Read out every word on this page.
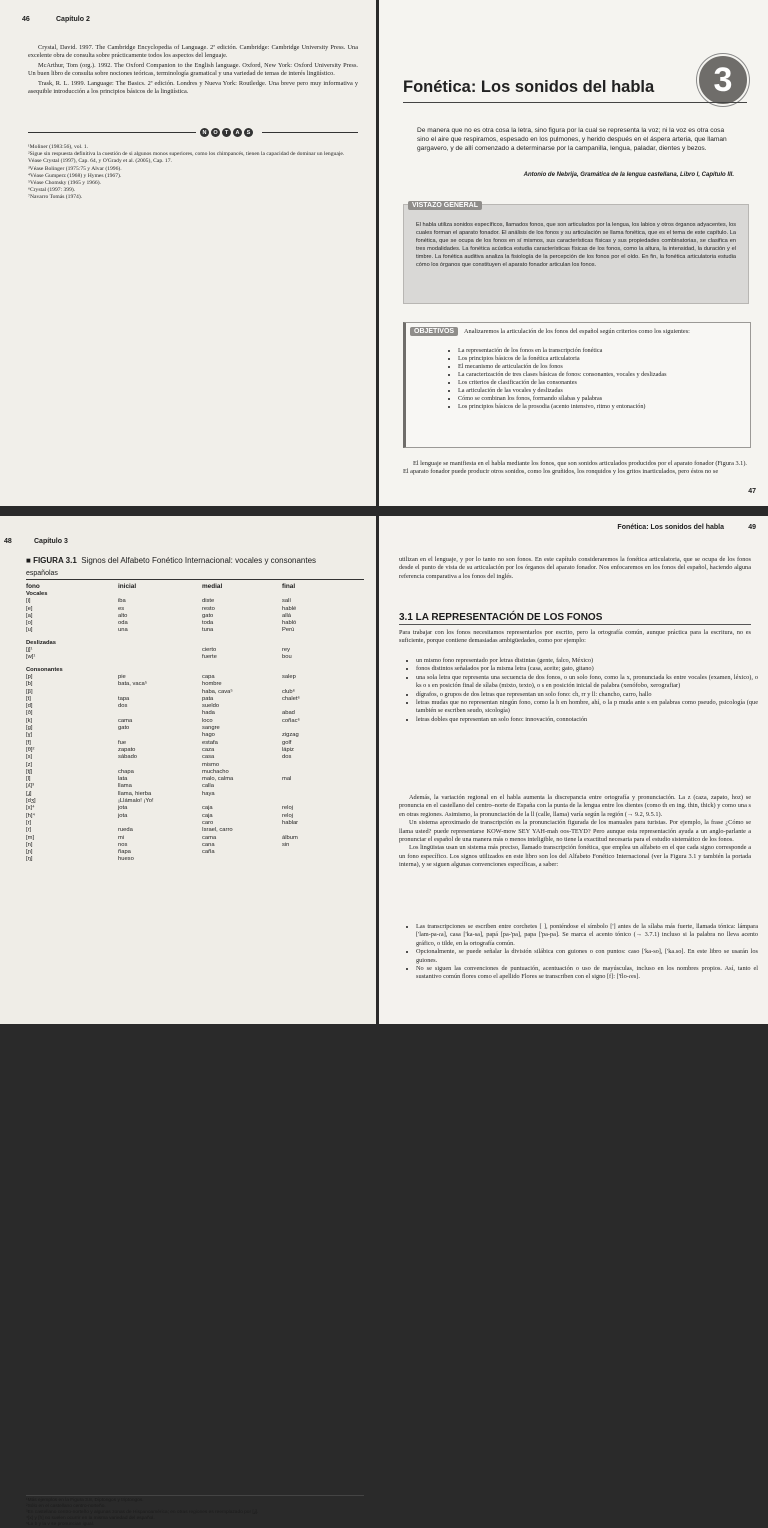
46	Capítulo 2

Crystal, David. 1997. The Cambridge Encyclopedia of Language. 2ª edición. Cambridge: Cambridge University Press. Una excelente obra de consulta sobre prácticamente todos los aspectos del lenguaje.

McArthur, Tom (org.). 1992. The Oxford Companion to the English language. Oxford, New York: Oxford University Press. Un buen libro de consulta sobre nociones teóricas, terminología gramatical y una variedad de temas de interés lingüístico.

Trask, R. L. 1999. Language: The Basics. 2ª edición. Londres y Nueva York: Routledge. Una breve pero muy informativa y asequible introducción a los principios básicos de la lingüística.

N	O	T	A	S

¹Moliner (1983:56), vol. 1.

²Sigue sin respuesta definitiva la cuestión de si algunos monos superiores, como los chimpancés, tienen la capacidad de dominar un lenguaje. Véase Crystal (1997), Cap. 64, y O'Grady et al. (2005), Cap. 17.

³Véase Bolinger (1975:75 y Alvar (1996).

⁴Véase Gumperz (1968) y Hymes (1967).

⁵Véase Chomsky (1965 y 1966).

⁶Crystal (1997: 399).

⁷Navarro Tomás (1974).

3
Fonética: Los sonidos del habla
De manera que no es otra cosa la letra, sino figura por la cual se representa la voz; ni la voz es otra cosa sino el aire que respiramos, espesado en los pulmones, y herido después en el áspera arteria, que llaman gargavero, y de allí comenzado a determinarse por la campanilla, lengua, paladar, dientes y bezos.
Antonio de Nebrija, Gramática de la lengua castellana, Libro I, Capítulo III.
VISTAZO GENERAL
El habla utiliza sonidos específicos, llamados fonos, que son articulados por la lengua, los labios y otros órganos adyacentes, los cuales forman el aparato fonador. El análisis de los fonos y su articulación se llama fonética, que es el tema de este capítulo. La fonética, que se ocupa de los fonos en sí mismos, sus características físicas y sus propiedades combinatorias, se clasifica en tres modalidades. La fonética acústica estudia características físicas de los fonos, como la altura, la intensidad, la duración y el timbre. La fonética auditiva analiza la fisiología de la percepción de los fonos por el oído. En fin, la fonética articulatoria estudia cómo los órganos que constituyen el aparato fonador articulan los fonos.
OBJETIVOS	Analizaremos la articulación de los fonos del español según criterios como los siguientes:
• La representación de los fonos en la transcripción fonética
• Los principios básicos de la fonética articulatoria
• El mecanismo de articulación de los fonos
• La caracterización de tres clases básicas de fonos: consonantes, vocales y deslizadas
• Los criterios de clasificación de las consonantes
• La articulación de las vocales y deslizadas
• Cómo se combinan los fonos, formando sílabas y palabras
• Los principios básicos de la prosodia (acento intensivo, ritmo y entonación)

El lenguaje se manifiesta en el habla mediante los fonos, que son sonidos articulados producidos por el aparato fonador (Figura 3.1). El aparato fonador puede producir otros sonidos, como los gruñidos, los ronquidos y los gritos inarticulados, pero éstos no se

47
48	Capítulo 3
■ FIGURA 3.1 Signos del Alfabeto Fonético Internacional: vocales y consonantes
españolas
fono	inicial	medial	final
Vocales			
[i]	iba	diste	salí
[e]	es	resto	hablé
[a]	alto	gato	allá
[o]	oda	toda	habló
[u]	una	tuna	Perú
Deslizadas			
[j]¹		cierto	rey
[w]¹		fuerte	bou
Consonantes			
[p]	pie	capa	salep
[b]	bata, vaca⁵	hombre	
[β]		haba, cava⁵	club⁶
[t]	tapa	pata	chalet⁶
[d]	dos	sueldo	
[ð]		hada	abad
[k]	cama	loco	coñac⁶
[g]	gato	sangre	
[ɣ]		hago	zigzag
[f]	fue	estafa	golf
[θ]²	zapato	caza	lápiz
[s]	sábado	casa	dos
[z]		mismo	
[tʃ]	chapa	muchacho	
[l]	lata	malo, calma	mal
[ʎ]³	llama	calla	
[ʝ]	llama, hierba	haya	
[dʒ]	¡Llámalo! ¡Yo!		
[x]⁴	jota	caja	reloj
[h]⁴	jota	caja	reloj
[r]		caro	hablar
[ɾ]	rueda	Israel, carro	
[m]	mi	cama	álbum
[n]	nos	cana	sin
[ɲ]	ñapa	caña	
[ŋ]	hueso		
¹Más ejemplos en la Figura 3.8, Diptongos y triptongos.
²Sólo en el castellano centro-norteño.
³En castellano centro-norteño y algunas zonas de Hispanoamérica; en otras regiones es reemplazado por [ʝ].
⁴[x] y [h] no suelen ocurrir en la misma variedad del español.
⁵La b y la v se pronuncian igual.
Fonética: Los sonidos del habla	49

utilizan en el lenguaje, y por lo tanto no son fonos. En este capítulo consideraremos la fonética articulatoria, que se ocupa de los fonos desde el punto de vista de su articulación por los órganos del aparato fonador. Nos enfocaremos en los fonos del español, haciendo alguna referencia comparativa a los fonos del inglés.

3.1 LA REPRESENTACIÓN DE LOS FONOS

Para trabajar con los fonos necesitamos representarlos por escrito, pero la ortografía común, aunque práctica para la escritura, no es suficiente, porque contiene demasiadas ambigüedades, como por ejemplo:

• un mismo fono representado por letras distintas (gente, falco, México)
• fonos distintos señalados por la misma letra (casa, aceite; gato, gitano)
• una sola letra que representa una secuencia de dos fonos, o un solo fono, como la x, pronunciada ks entre vocales (examen, léxico), o ks o s en posición final de sílaba (mixto, texto), o s en posición inicial de palabra (xenófobo, xerografiar)
• dígrafos, o grupos de dos letras que representan un solo fono: ch, rr y ll: chancho, carro, hallo
• letras mudas que no representan ningún fono, como la h en hombre, ahí, o la p muda ante s en palabras como pseudo, psicología (que también se escriben seudo, sicología)
• letras dobles que representan un solo fono: innovación, connotación

Además, la variación regional en el habla aumenta la discrepancia entre ortografía y pronunciación. La z (caza, zapato, hoz) se pronuncia en el castellano del centro–norte de España con la punta de la lengua entre los dientes (como th en ing. thin, thick) y como una s en otras regiones. Asimismo, la pronunciación de la ll (calle, llama) varía según la región (→ 9.2, 9.5.1).

Un sistema aproximado de transcripción es la pronunciación figurada de los manuales para turistas. Por ejemplo, la frase ¿Cómo se llama usted? puede representarse KOW-mow SEY YAH-mah oos-TEYD? Pero aunque esta representación ayuda a un anglo-parlante a pronunciar el español de una manera más o menos inteligible, no tiene la exactitud necesaria para el estudio sistemático de los fonos.

Los lingüistas usan un sistema más preciso, llamado transcripción fonética, que emplea un alfabeto en el que cada signo corresponde a un fono específico. Los signos utilizados en este libro son los del Alfabeto Fonético Internacional (ver la Figura 3.1 y también la portada interna), y se siguen algunas convenciones específicas, a saber:

• Las transcripciones se escriben entre corchetes [ ], poniéndose el símbolo ['] antes de la sílaba más fuerte, llamada tónica: lámpara ['lam-pa-ɾa], casa ['ka-sa], papá [pa-'pa], papa ['pa-pa]. Se marca el acento tónico (→ 3.7.1) incluso si la palabra no lleva acento gráfico, o tilde, en la ortografía común.
• Opcionalmente, se puede señalar la división silábica con guiones o con puntos: caso ['ka-so], ['ka.so]. En este libro se usarán los guiones.
• No se siguen las convenciones de puntuación, acentuación o uso de mayúsculas, incluso en los nombres propios. Así, tanto el sustantivo común flores como el apellido Flores se transcriben con el signo [f]: ['flo-ɾes].
